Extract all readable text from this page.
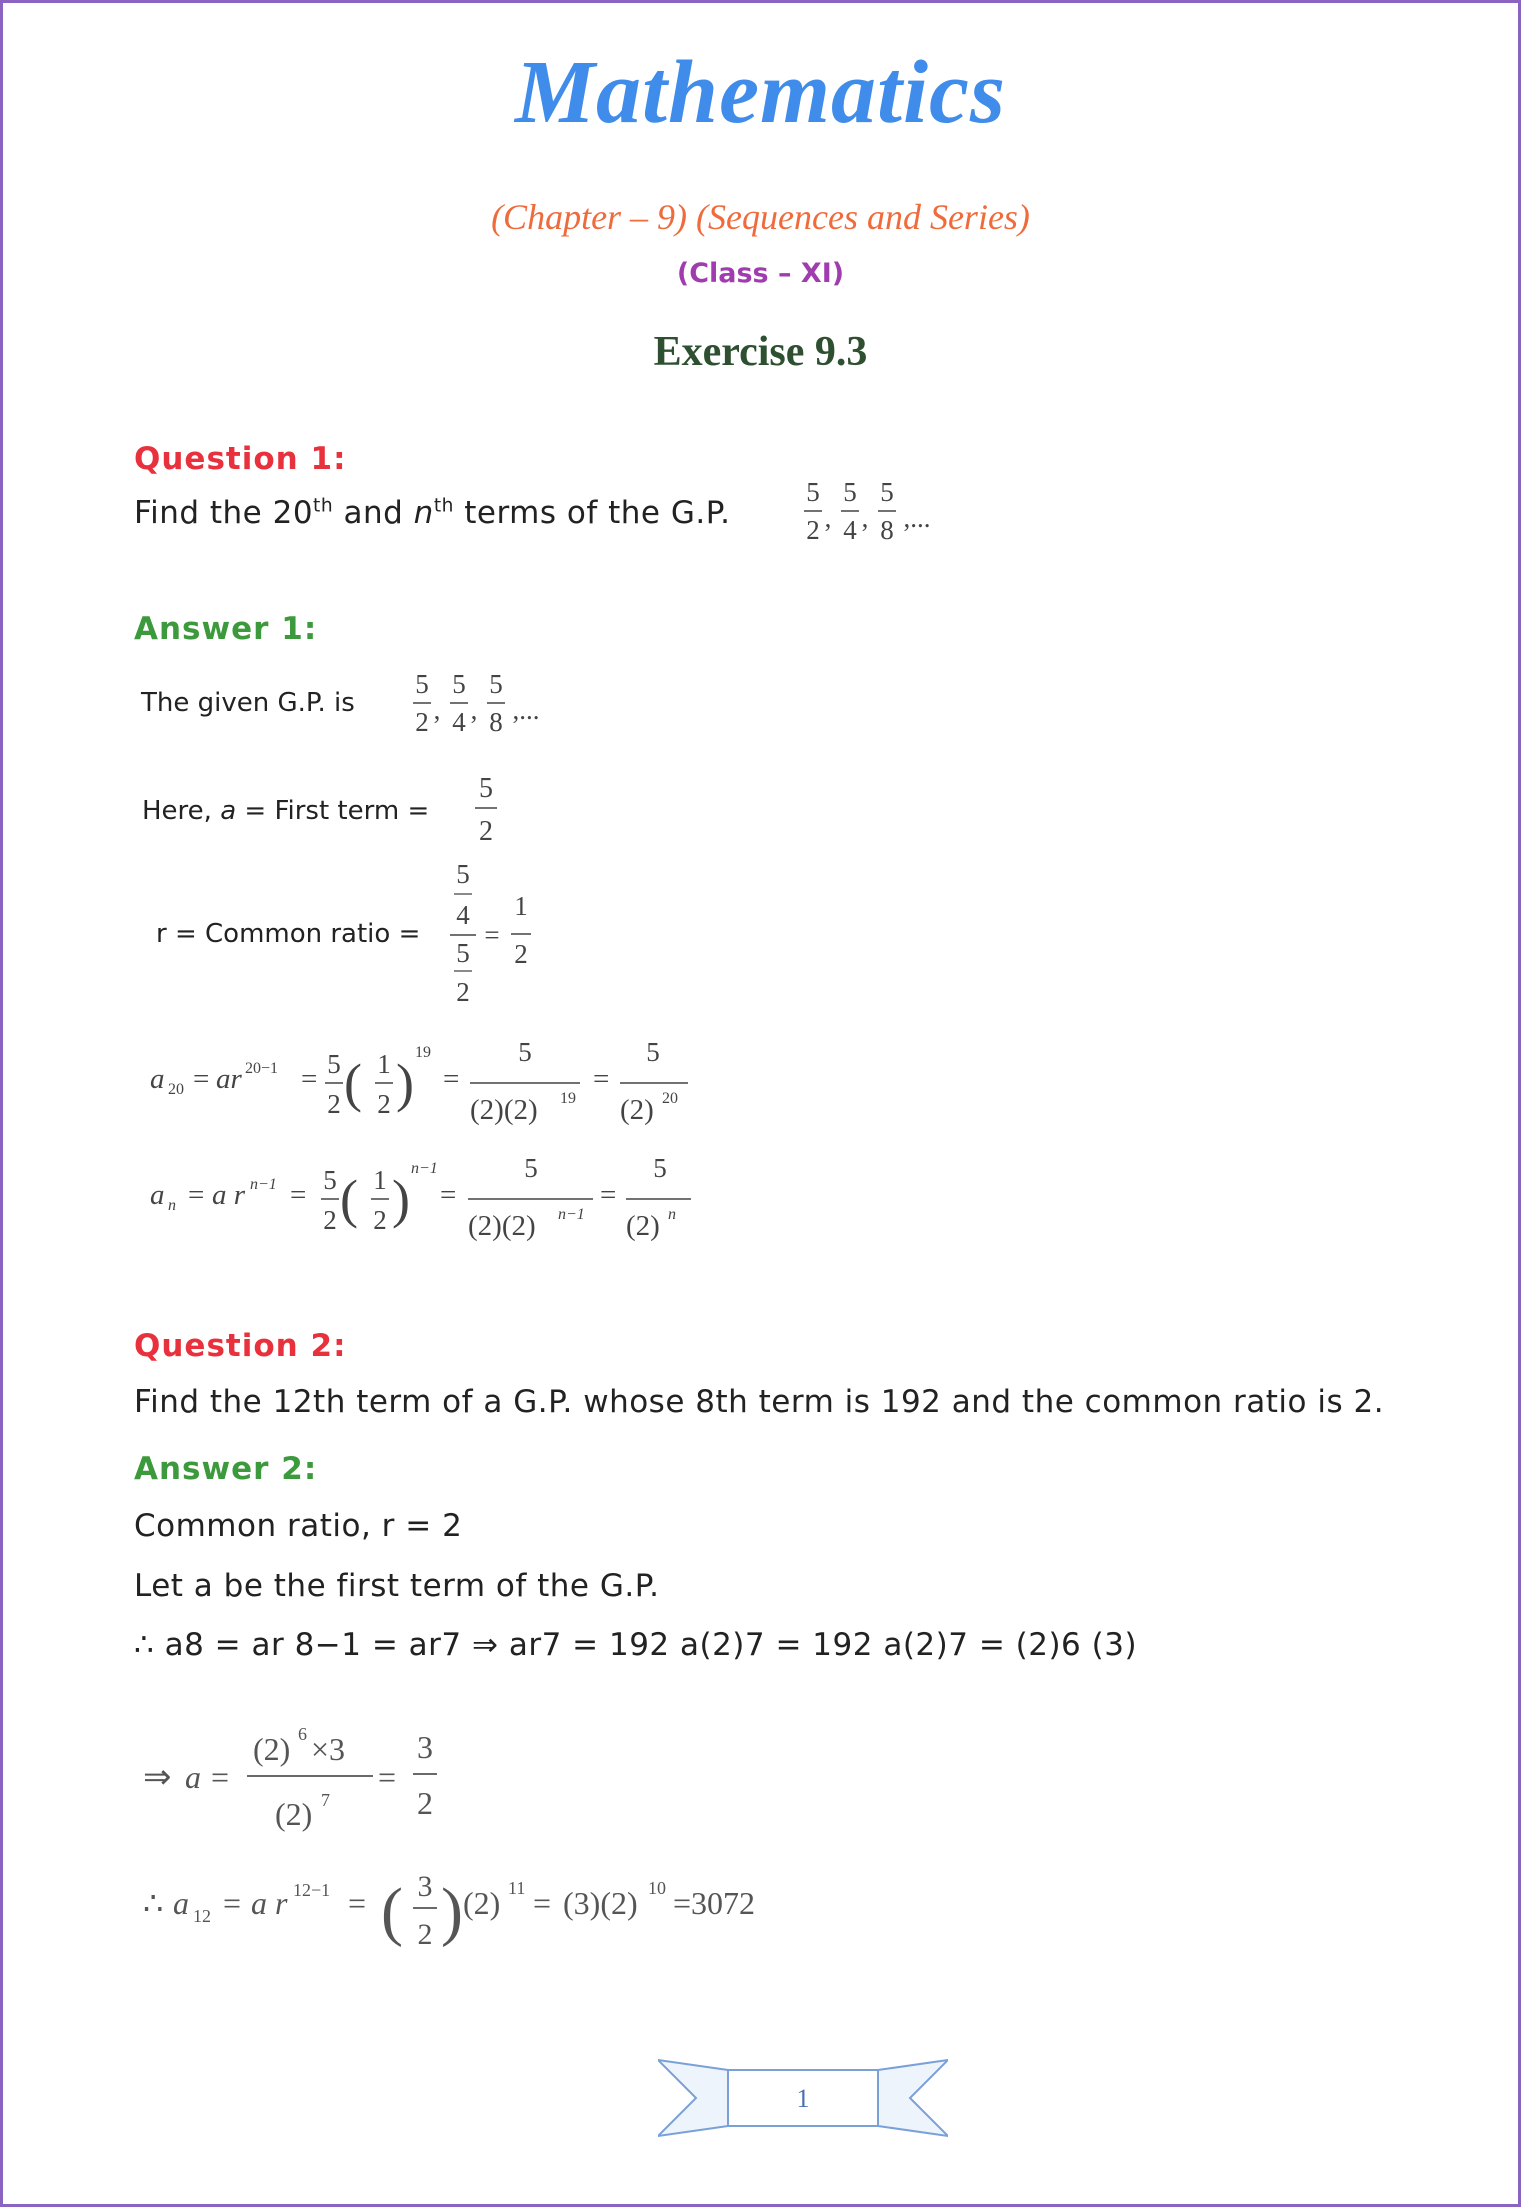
Mathematics
(Chapter – 9) (Sequences and Series)
(Class – XI)
Exercise 9.3
Question 1:
Find the 20th and $n^{th}$ terms of the G.P.
5
2 ,
5
4 ,
5
8 ,...
Answer 1:
The given G.P. is
5
2 ,
5
4 ,
5
8 ,...
Here, a = First term =
5
2
r = Common ratio =
5
4
5
2
=
1
2
a 20 = ar 20−1 = 5
2 ( 1
2 )
19
=
5
(2)(2) 19
=
5
(2) 20
a n = a r n−1 = 5
2 ( 1
2 )
n−1
=
5
(2)(2) n−1
=
5
(2) n
Question 2:
Find the 12th term of a G.P. whose 8th term is 192 and the common ratio is 2.
Answer 2:
Common ratio, r = 2
Let a be the first term of the G.P.
∴ a8 = ar 8−1 = ar7 ⇒ ar7 = 192 a(2)7 = 192 a(2)7 = (2)6 (3)
⇒ a =
(2) 6 ×3
(2) 7
=
3
2
∴ a 12 = a r 12−1 = ( 3
2 ) (2) 11 = (3)(2) 10 =3072
1
